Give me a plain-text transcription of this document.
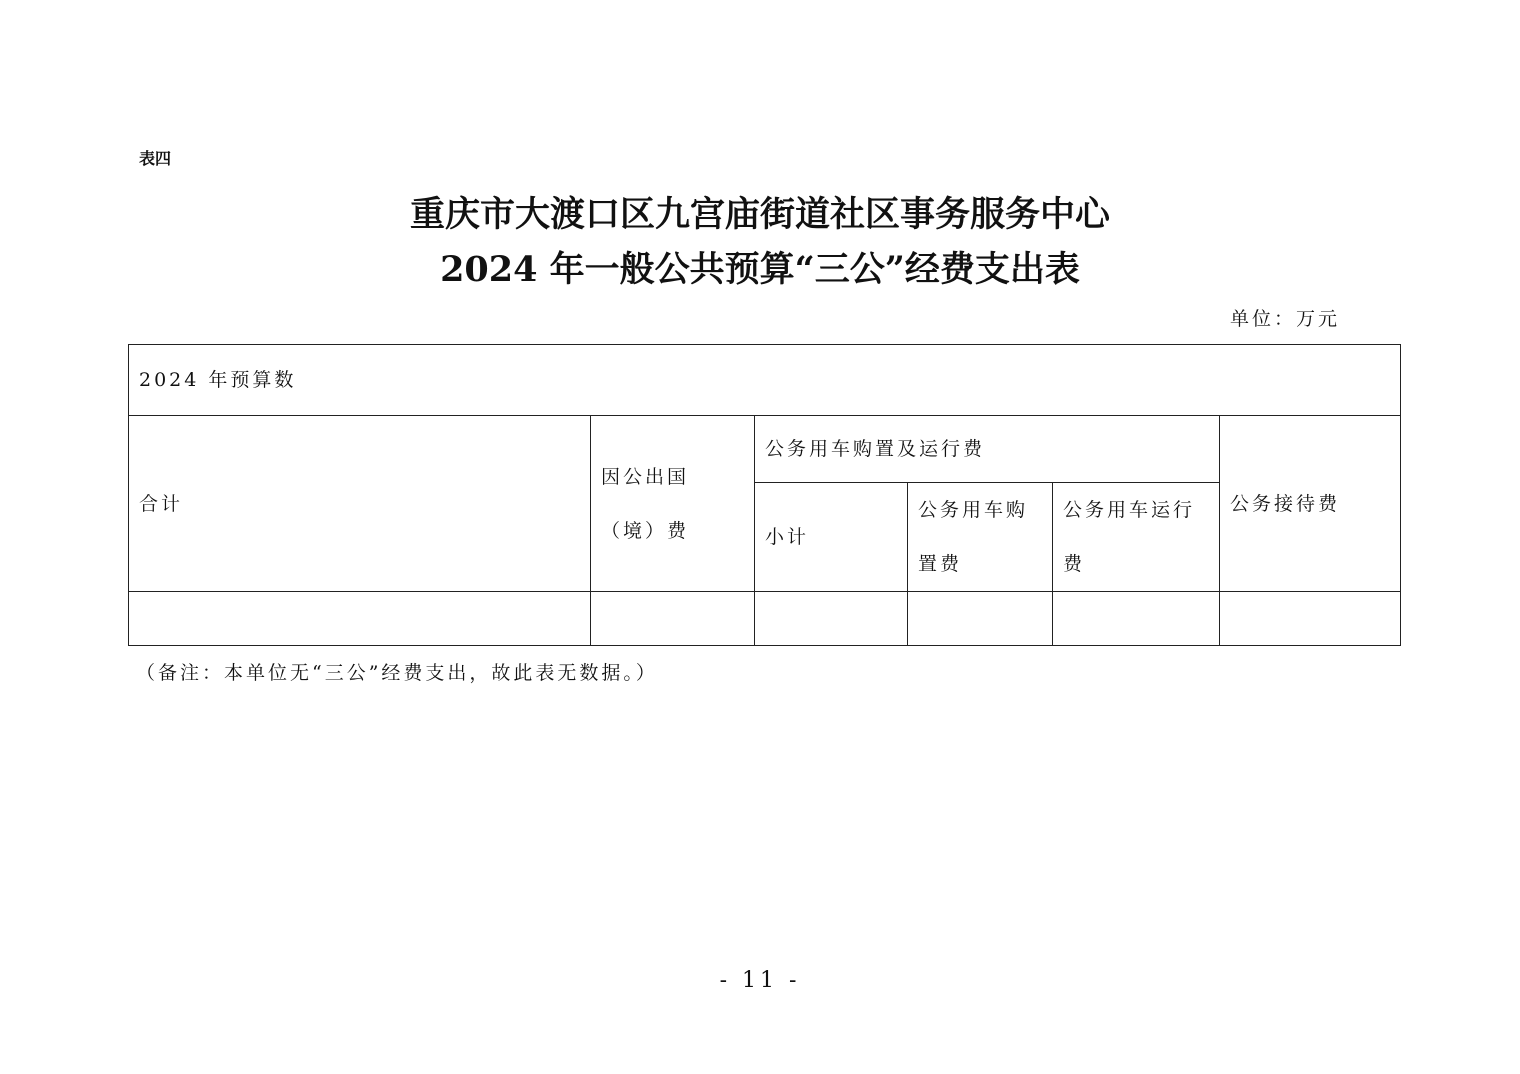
表四
重庆市大渡口区九宫庙街道社区事务服务中心
2024 年一般公共预算“三公”经费支出表
单位：万元
2024 年预算数					
合计	因公出国（境）费	公务用车购置及运行费			公务接待费
		小计	公务用车购置费	公务用车运行费	

（备注：本单位无“三公”经费支出，故此表无数据。）
- 11 -
